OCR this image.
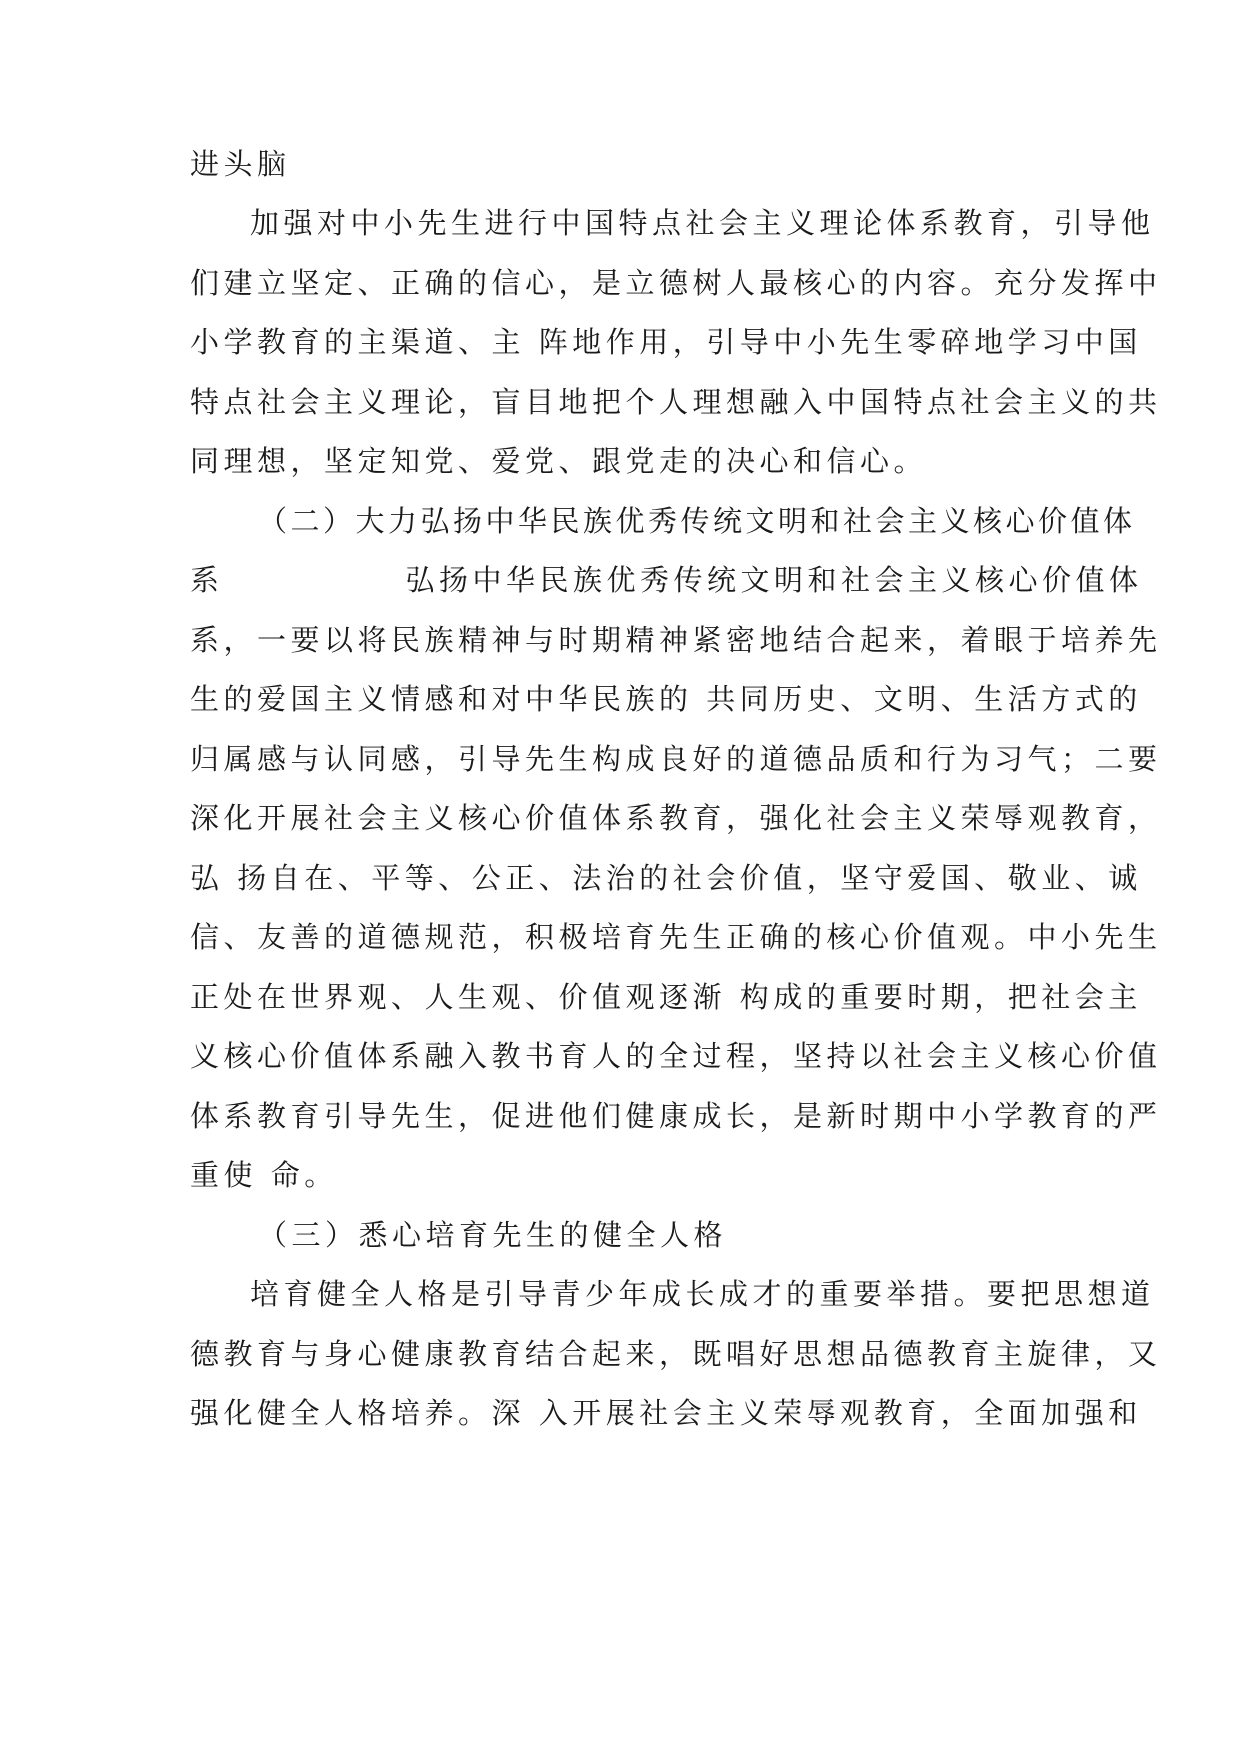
进头脑
加强对中小先生进行中国特点社会主义理论体系教育，引导他
们建立坚定、正确的信心，是立德树人最核心的内容。充分发挥中
小学教育的主渠道、主 阵地作用，引导中小先生零碎地学习中国
特点社会主义理论，盲目地把个人理想融入中国特点社会主义的共
同理想，坚定知党、爱党、跟党走的决心和信心。
（二）大力弘扬中华民族优秀传统文明和社会主义核心价值体
系	弘扬中华民族优秀传统文明和社会主义核心价值体
系，一要以将民族精神与时期精神紧密地结合起来，着眼于培养先
生的爱国主义情感和对中华民族的 共同历史、文明、生活方式的
归属感与认同感，引导先生构成良好的道德品质和行为习气；二要
深化开展社会主义核心价值体系教育，强化社会主义荣辱观教育，
弘 扬自在、平等、公正、法治的社会价值，坚守爱国、敬业、诚
信、友善的道德规范，积极培育先生正确的核心价值观。中小先生
正处在世界观、人生观、价值观逐渐 构成的重要时期，把社会主
义核心价值体系融入教书育人的全过程，坚持以社会主义核心价值
体系教育引导先生，促进他们健康成长，是新时期中小学教育的严
重使 命。
（三）悉心培育先生的健全人格
培育健全人格是引导青少年成长成才的重要举措。要把思想道
德教育与身心健康教育结合起来，既唱好思想品德教育主旋律，又
强化健全人格培养。深 入开展社会主义荣辱观教育，全面加强和
